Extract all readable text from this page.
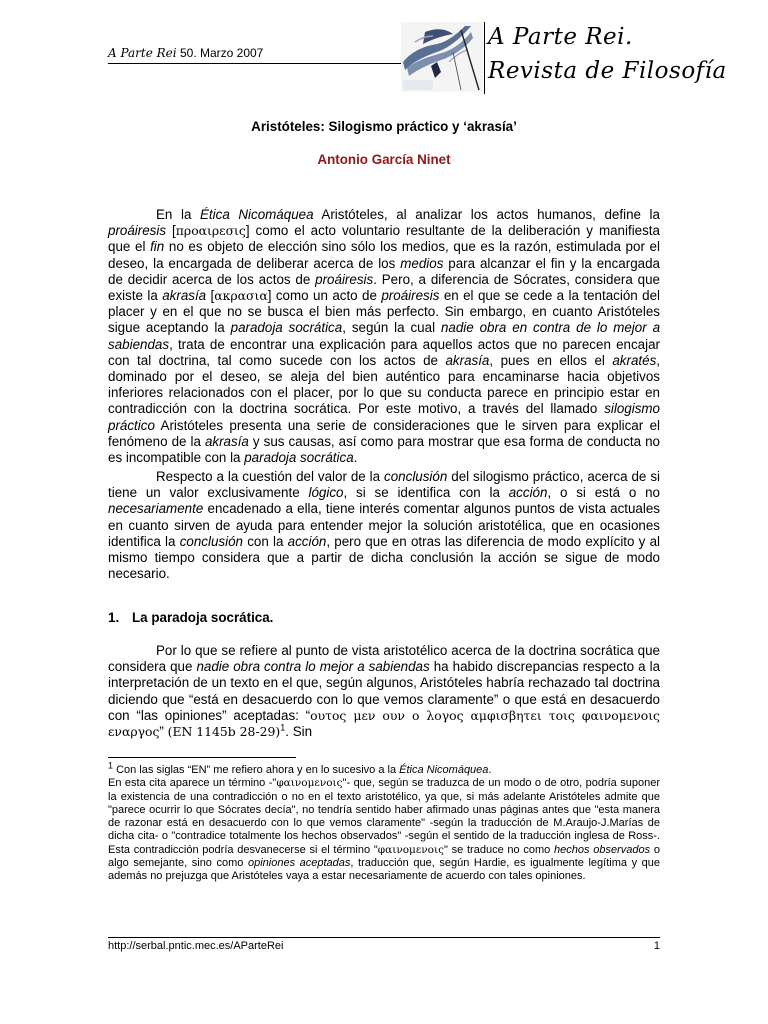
A Parte Rei 50. Marzo 2007
A Parte Rei.
Revista de Filosofía
Aristóteles: Silogismo práctico y ‘akrasía’
Antonio García Ninet

En la Ética Nicomáquea Aristóteles, al analizar los actos humanos, define la proáiresis [προαιρεσις] como el acto voluntario resultante de la deliberación y manifiesta que el fin no es objeto de elección sino sólo los medios, que es la razón, estimulada por el deseo, la encargada de deliberar acerca de los medios para alcanzar el fin y la encargada de decidir acerca de los actos de proáiresis. Pero, a diferencia de Sócrates, considera que existe la akrasía [ακρασια] como un acto de proáiresis en el que se cede a la tentación del placer y en el que no se busca el bien más perfecto. Sin embargo, en cuanto Aristóteles sigue aceptando la paradoja socrática, según la cual nadie obra en contra de lo mejor a sabiendas, trata de encontrar una explicación para aquellos actos que no parecen encajar con tal doctrina, tal como sucede con los actos de akrasía, pues en ellos el akratés, dominado por el deseo, se aleja del bien auténtico para encaminarse hacia objetivos inferiores relacionados con el placer, por lo que su conducta parece en principio estar en contradicción con la doctrina socrática. Por este motivo, a través del llamado silogismo práctico Aristóteles presenta una serie de consideraciones que le sirven para explicar el fenómeno de la akrasía y sus causas, así como para mostrar que esa forma de conducta no es incompatible con la paradoja socrática.

Respecto a la cuestión del valor de la conclusión del silogismo práctico, acerca de si tiene un valor exclusivamente lógico, si se identifica con la acción, o si está o no necesariamente encadenado a ella, tiene interés comentar algunos puntos de vista actuales en cuanto sirven de ayuda para entender mejor la solución aristotélica, que en ocasiones identifica la conclusión con la acción, pero que en otras las diferencia de modo explícito y al mismo tiempo considera que a partir de dicha conclusión la acción se sigue de modo necesario.

1. La paradoja socrática.

Por lo que se refiere al punto de vista aristotélico acerca de la doctrina socrática que considera que nadie obra contra lo mejor a sabiendas ha habido discrepancias respecto a la interpretación de un texto en el que, según algunos, Aristóteles habría rechazado tal doctrina diciendo que “está en desacuerdo con lo que vemos claramente” o que está en desacuerdo con “las opiniones” aceptadas: “ουτος μεν ουν ο λογος αμφισβητει τοις φαινομενοις εναργος” (EN 1145b 28-29)$^1$. Sin

$^1$ Con las siglas “EN” me refiero ahora y en lo sucesivo a la Ética Nicomáquea.

En esta cita aparece un término -"φαινομενοις"- que, según se traduzca de un modo o de otro, podría suponer la existencia de una contradicción o no en el texto aristotélico, ya que, si más adelante Aristóteles admite que "parece ocurrir lo que Sócrates decía", no tendría sentido haber afirmado unas páginas antes que "esta manera de razonar está en desacuerdo con lo que vemos claramente" -según la traducción de M.Araujo-J.Marías de dicha cita- o "contradice totalmente los hechos observados" -según el sentido de la traducción inglesa de Ross-. Esta contradicción podría desvanecerse si el término "φαινομενοις" se traduce no como hechos observados o algo semejante, sino como opiniones aceptadas, traducción que, según Hardie, es igualmente legítima y que además no prejuzga que Aristóteles vaya a estar necesariamente de acuerdo con tales opiniones.

http://serbal.pntic.mec.es/AParteRei	1
